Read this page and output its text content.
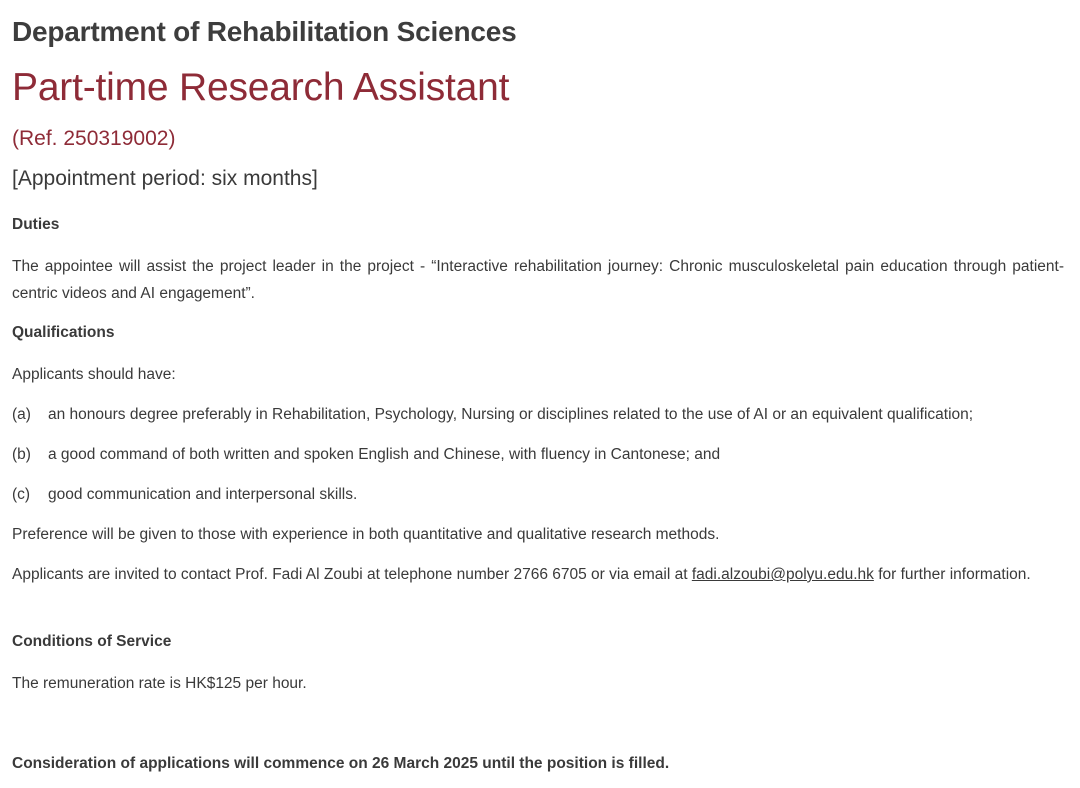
Department of Rehabilitation Sciences
Part-time Research Assistant
(Ref. 250319002)
[Appointment period: six months]
Duties
The appointee will assist the project leader in the project - “Interactive rehabilitation journey: Chronic musculoskeletal pain education through patient-centric videos and AI engagement”.
Qualifications
Applicants should have:
(a) an honours degree preferably in Rehabilitation, Psychology, Nursing or disciplines related to the use of AI or an equivalent qualification;
(b) a good command of both written and spoken English and Chinese, with fluency in Cantonese; and
(c) good communication and interpersonal skills.
Preference will be given to those with experience in both quantitative and qualitative research methods.
Applicants are invited to contact Prof. Fadi Al Zoubi at telephone number 2766 6705 or via email at fadi.alzoubi@polyu.edu.hk for further information.
Conditions of Service
The remuneration rate is HK$125 per hour.
Consideration of applications will commence on 26 March 2025 until the position is filled.
